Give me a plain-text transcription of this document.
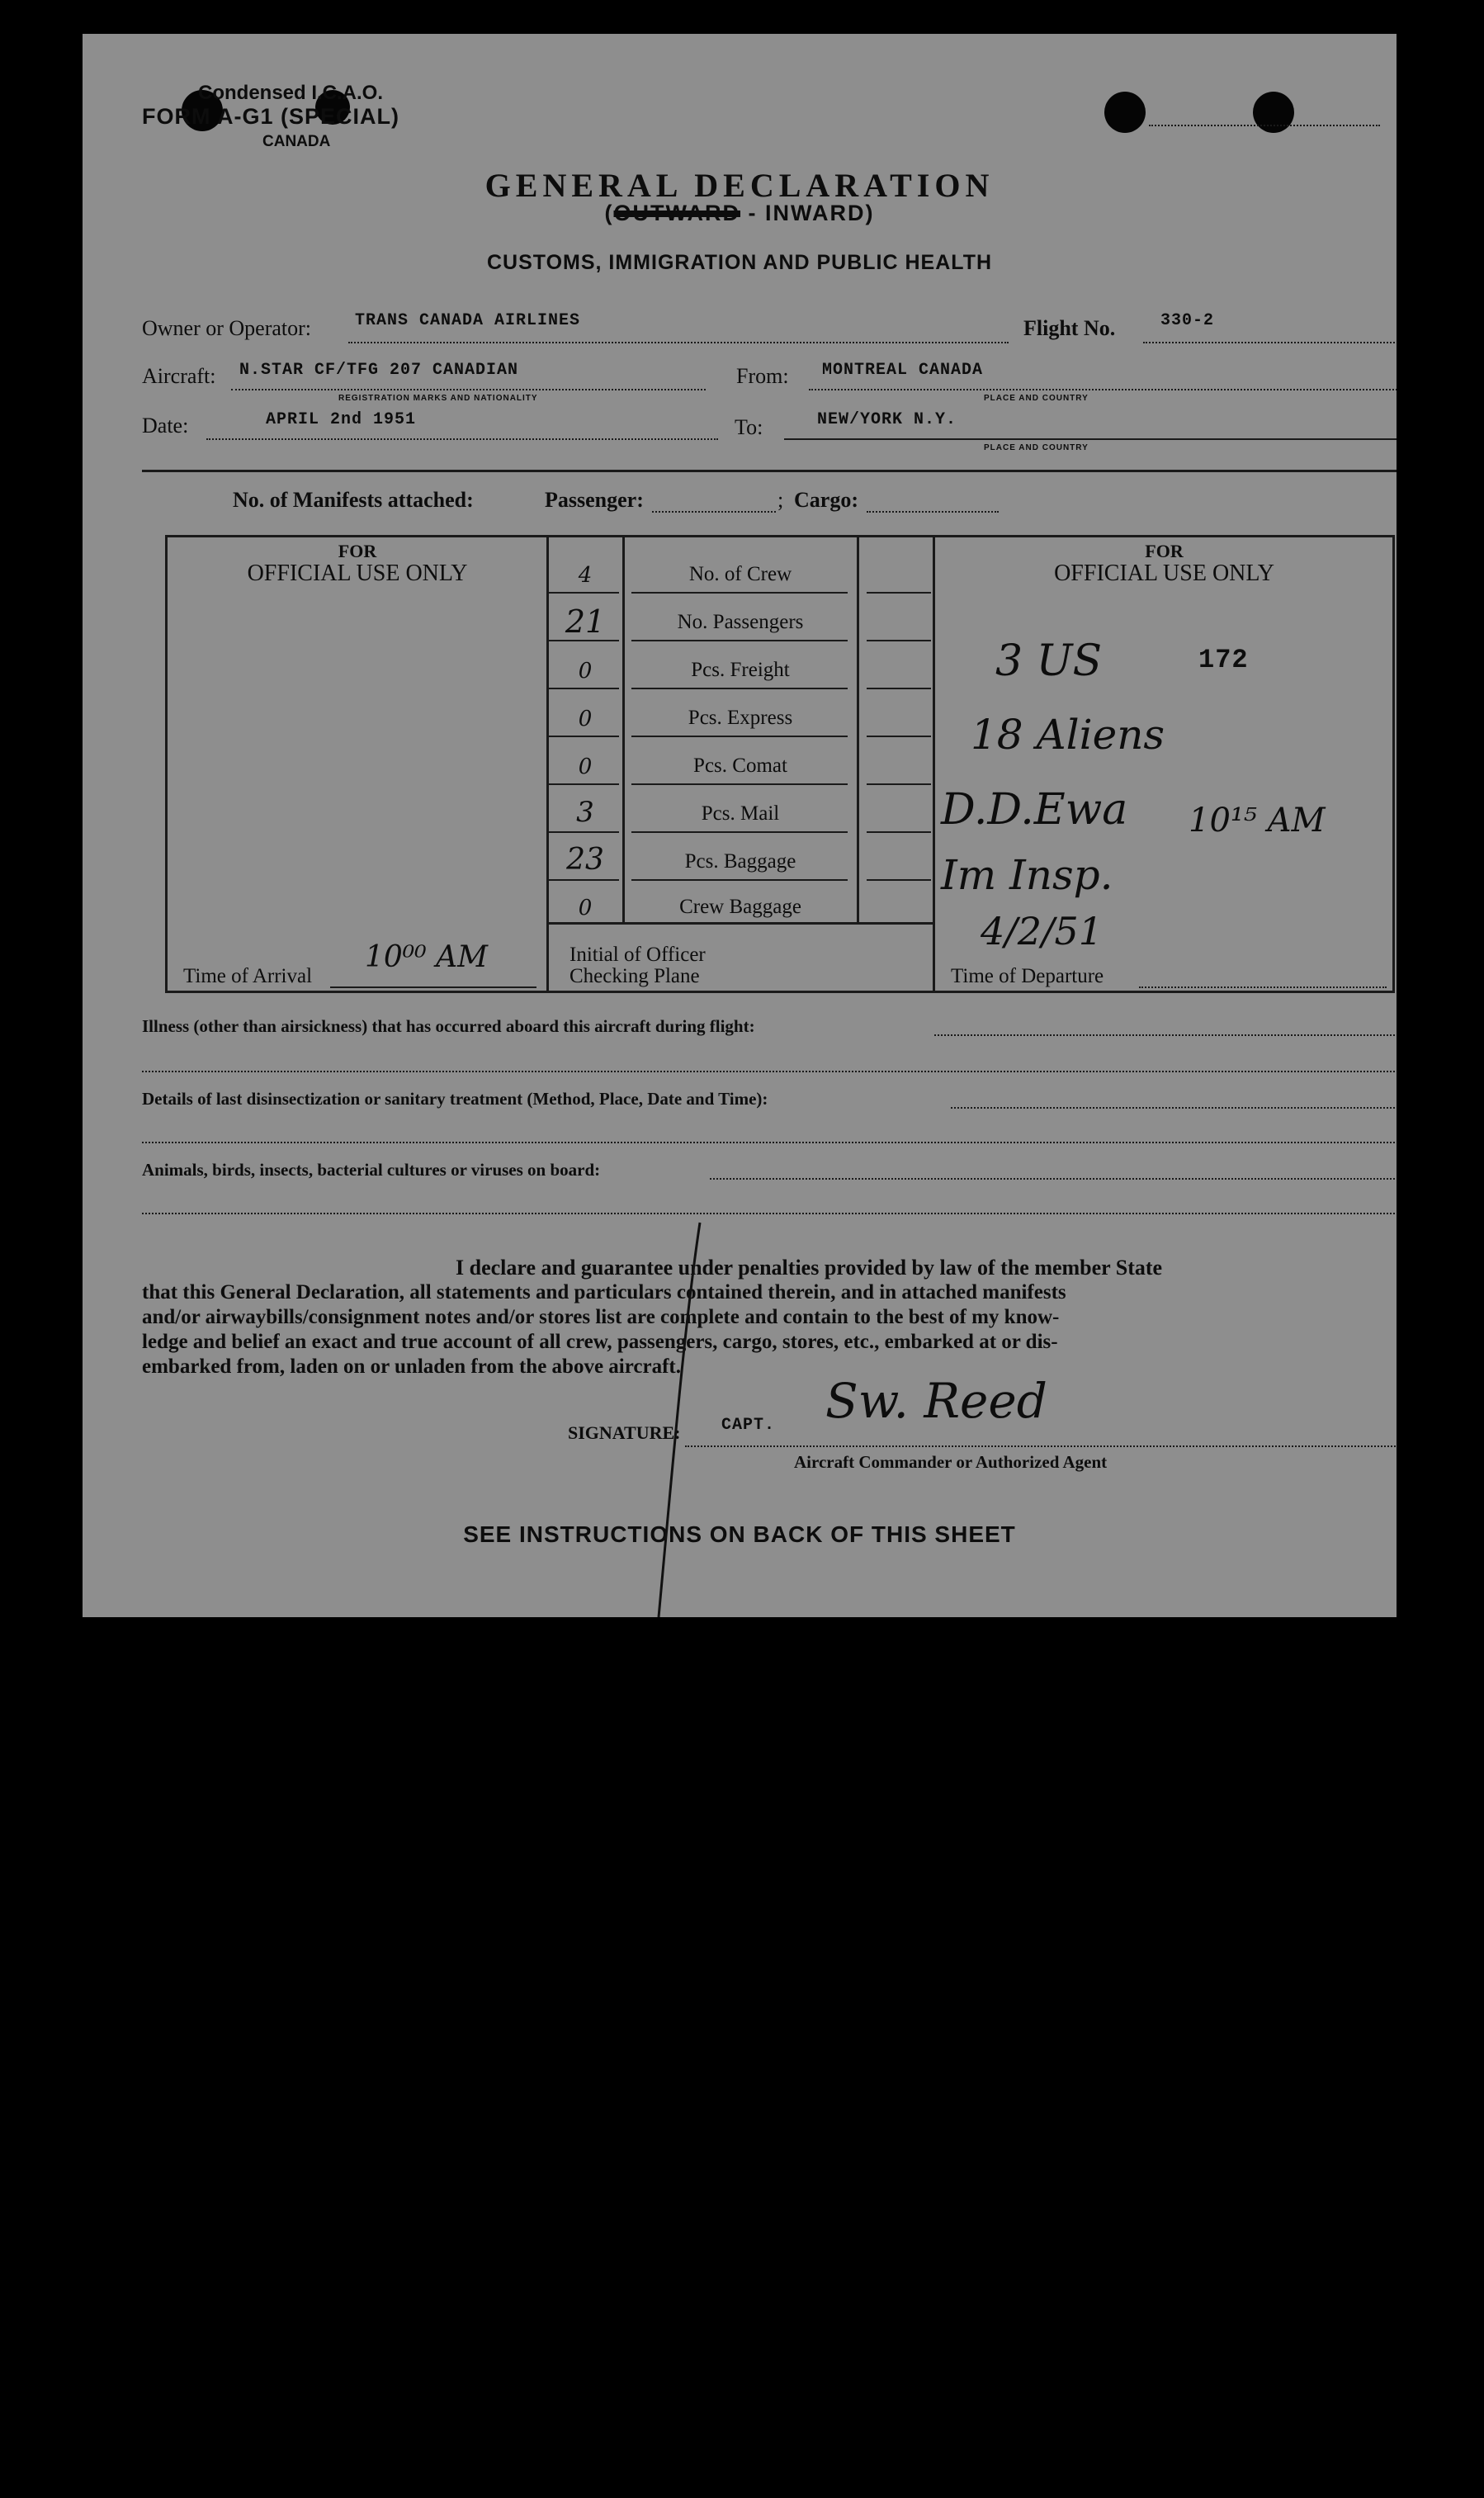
Condensed I.C.A.O.
FORM A-G1 (SPECIAL)
CANADA
GENERAL DECLARATION
(OUTWARD - INWARD)
CUSTOMS, IMMIGRATION AND PUBLIC HEALTH
Owner or Operator:	TRANS CANADA AIRLINES	Flight No.	330-2
Aircraft: N.STAR CF/TFG 207 CANADIAN
REGISTRATION MARKS AND NATIONALITY
From: MONTREAL CANADA
PLACE AND COUNTRY
Date:	APRIL 2nd 1951	To:	NEW/YORK N.Y.
PLACE AND COUNTRY
No. of Manifests attached:	Passenger:	; Cargo:
FOR
OFFICIAL USE ONLY
FOR
OFFICIAL USE ONLY
4	No. of Crew
21	No. Passengers
0	Pcs. Freight
0	Pcs. Express
0	Pcs. Comat
3	Pcs. Mail
23	Pcs. Baggage
0	Crew Baggage
Time of Arrival
10⁰⁰ AM	Initial of Officer
Checking Plane	Time of Departure
3 US	172
18 Aliens
D.D.Ewa 10¹⁵ AM
Im Insp.
4/2/51
Illness (other than airsickness) that has occurred aboard this aircraft during flight:
Details of last disinsectization or sanitary treatment (Method, Place, Date and Time):
Animals, birds, insects, bacterial cultures or viruses on board:
I declare and guarantee under penalties provided by law of the member State
that this General Declaration, all statements and particulars contained therein, and in attached manifests
and/or airwaybills/consignment notes and/or stores list are complete and contain to the best of my know-
ledge and belief an exact and true account of all crew, passengers, cargo, stores, etc., embarked at or dis-
embarked from, laden on or unladen from the above aircraft.
SIGNATURE: CAPT. Sw. Reed
Aircraft Commander or Authorized Agent
SEE INSTRUCTIONS ON BACK OF THIS SHEET
